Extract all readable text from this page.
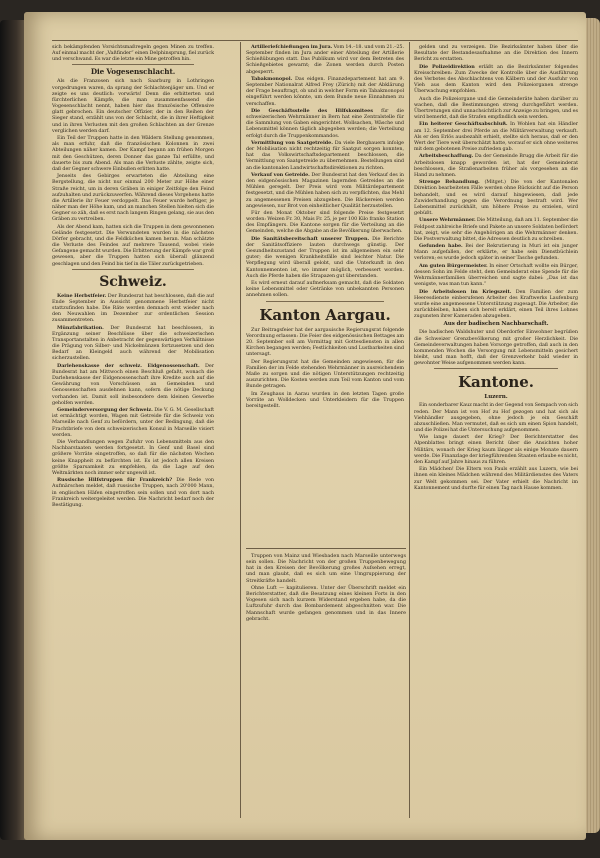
sich bekämpfenden Vorsichtsmaßregeln gegen Minen zu treffen. Auf einmal macht der „Vaßfinder“ einen Delphinsprung, fiel zurück und verschwand. Es war die letzte ein Mine getroffen hin.

Die Vogesenschlacht.

Als die Franzosen sich nach Saarburg in Lothringen vorgedrungen waren, da sprang der Schlachtenjäger um. Und er zeigte es uns deutlich: vorwärts! Denn die erbitterten und fürchterlichen Kämpfe, die man zusammenfassend die Vogesenschlacht nennt, haben hier das französische Offensive glatt gebrochen. Ein deutscher Offizier, der in den Reihen der Sieger stand, erzählt uns von der Schlacht, die in ihrer Heftigkeit und in ihren Verlusten mit den großen Schlachten an der Grenze verglichen werden darf.

Ein Teil der Truppen hatte in den Wäldern Stellung genommen, als man erfuhr, daß die französischen Kolonnen in zwei Abteilungen näher kamen. Der Kampf begann am frühen Morgen mit den Geschützen, deren Donner das ganze Tal erfüllte, und dauerte bis zum Abend. Als man die Verluste zählte, zeigte sich, daß der Gegner schwere Einbußen erlitten hatte.

Jenseits des Gebirges erwarteten die Abteilung eine Bergstellung, die nicht nur einmal 200 Meter zur Höhe einer Straße reicht, um in deren Gräben in einiger Zeitfolge den Feind aufzuhalten und zurückzuwerfen. Während dieses Vorgehens hatte die Artillerie ihr Feuer verdoppelt. Das Feuer wurde heftiger, je näher man der Höhe kam, und an manchen Stellen hielten sich die Gegner so zäh, daß es erst nach langem Ringen gelang, sie aus den Gräben zu vertreiben.

Als der Abend kam, hatten sich die Truppen in dem gewonnenen Gelände festgesetzt. Die Verwundeten wurden in die nächsten Dörfer gebracht, und die Feldküchen kamen heran. Man schätzte die Verluste des Feindes auf mehrere Tausend, wobei viele Gefangene gemacht wurden. Die Erbitterung der Kämpfe war groß gewesen, aber die Truppen hatten sich überall glänzend geschlagen und den Feind bis tief in die Täler zurückgetrieben.

Schweiz.

Keine Herbstfeier. Der Bundesrat hat beschlossen, daß die auf Ende September in Aussicht genommene Herbstfeier nicht stattzufinden habe. Die Räte werden demnach erst wieder nach den Neuwahlen im Dezember zur ordentlichen Session zusammentreten.

Münzfabrikation. Der Bundesrat hat beschlossen, in Ergänzung seiner Beschlüsse über die schweizerischen Transportanstalten in Anbetracht der gegenwärtigen Verhältnisse die Prägung von Silber- und Nickelmünzen fortzusetzen und den Bedarf an Kleingeld auch während der Mobilisation sicherzustellen.

Darlehenskasse der schweiz. Eidgenossenschaft. Der Bundesrat hat am Mittwoch einen Beschluß gefaßt, wonach die Darlehenskasse der Eidgenossenschaft ihre Kredite auch auf die Gewährung von Vorschüssen an Gemeinden und Genossenschaften ausdehnen kann, sofern die nötige Deckung vorhanden ist. Damit soll insbesondere dem kleinen Gewerbe geholfen werden.

Gemeinderversorgung der Schweiz. Die V. G. M. Gesellschaft ist ermächtigt worden, Wagen mit Getreide für die Schweiz von Marseille nach Genf zu befördern, unter der Bedingung, daß die Frachtbriefe von dem schweizerischen Konsul in Marseille visiert werden.

Die Verhandlungen wegen Zufuhr von Lebensmitteln aus den Nachbarstaaten werden fortgesetzt. In Genf und Basel sind größere Vorräte eingetroffen, so daß für die nächsten Wochen keine Knappheit zu befürchten ist. Es ist jedoch allen Kreisen größte Sparsamkeit zu empfehlen, da die Lage auf den Weltmärkten noch immer sehr ungewiß ist.

Russische Hilfstruppen für Frankreich? Die Rede von Aufmärschen meldet, daß russische Truppen, nach 20'000 Mann, in englischen Häfen eingetroffen sein sollen und von dort nach Frankreich weitergeleitet werden. Die Nachricht bedarf noch der Bestätigung.

Artilleriefchießungen im Jura. Vom 14.–18. und vom 21.–25. September finden im Jura ander einer Abteilung der Artillerie Schießübungen statt. Das Publikum wird vor dem Betreten des Schießgebietes gewarnt; die Zonen werden durch Posten abgesperrt.

Tabakmonopol. Das eidgen. Finanzdepartement hat am 9. September Nationalrat Alfred Frey (Zürich) mit der Abklärung der Frage beauftragt, ob und in welcher Form ein Tabakmonopol eingeführt werden könnte, um dem Bunde neue Einnahmen zu verschaffen.

Die Geschäftsstelle des Hilfskomitees für die schweizerischen Wehrmänner in Bern hat eine Zentralstelle für die Sammlung von Gaben eingerichtet. Wollsachen, Wäsche und Lebensmittel können täglich abgegeben werden; die Verteilung erfolgt durch die Truppenkommandos.

Vermittlung von Saatgetreide. Da viele Bergbauern infolge der Mobilisation nicht rechtzeitig für Saatgut sorgen konnten, hat das Volkswirtschaftsdepartement beschlossen, die Vermittlung von Saatgetreide zu übernehmen. Bestellungen sind an die kantonalen Landwirtschaftsdirektionen zu richten.

Verkauf von Getreide. Der Bundesrat hat den Verkauf des in den eidgenössischen Magazinen lagernden Getreides an die Mühlen geregelt. Der Preis wird vom Militärdepartement festgesetzt, und die Mühlen haben sich zu verpflichten, das Mehl zu angemessenen Preisen abzugeben. Die Bäckereien werden angewiesen, nur Brot von einheitlicher Qualität herzustellen.

Für den Monat Oktober sind folgende Preise festgesetzt worden: Weizen Fr. 30, Mais Fr. 25, je per 100 Kilo franko Station des Empfängers. Die Kantone sorgen für die Verteilung an die Gemeinden, welche die Abgabe an die Bevölkerung überwachen.

Die Sanitätsbereitschaft unserer Truppen. Die Berichte der Sanitätsoffiziere lauten durchwegs günstig. Der Gesundheitszustand der Truppen ist im allgemeinen ein sehr guter; die wenigen Krankheitsfälle sind leichter Natur. Die Verpflegung wird überall gelobt, und die Unterkunft in den Kantonnementen ist, wo immer möglich, verbessert worden. Auch die Pferde haben die Strapazen gut überstanden.

Es wird erneut darauf aufmerksam gemacht, daß die Soldaten keine Lebensmittel oder Getränke von unbekannten Personen annehmen sollen.

Kanton Aargau.

Zur Beitragsfeier hat der aargauische Regierungsrat folgende Verordnung erlassen: Die Feier des eidgenössischen Bettages am 20. September soll am Vormittag mit Gottesdiensten in allen Kirchen begangen werden; Festlichkeiten und Lustbarkeiten sind untersagt.

Der Regierungsrat hat die Gemeinden angewiesen, für die Familien der im Felde stehenden Wehrmänner in ausreichendem Maße zu sorgen und die nötigen Unterstützungen rechtzeitig auszurichten. Die Kosten werden zum Teil vom Kanton und vom Bunde getragen.

Im Zeughaus in Aarau wurden in den letzten Tagen große Vorräte an Wolldecken und Unterkleidern für die Truppen bereitgestellt.

Truppen von Mainz und Wiesbaden nach Marseille unterwegs sein sollen. Die Nachricht von der großen Truppenbewegung hat in den Kreisen der Bevölkerung großes Aufsehen erregt, und man glaubt, daß es sich um eine Umgruppierung der Streitkräfte handelt.

Ohne Luft — kapitulieren. Unter der Überschrift meldet ein Berichterstatter, daß die Besatzung eines kleinen Forts in den Vogesen sich nach kurzem Widerstand ergeben habe, da die Luftzufuhr durch das Bombardement abgeschnitten war. Die Mannschaft wurde gefangen genommen und in das Innere gebracht.

gelden und zu verzeigen. Die Bezirksämter haben über die Resultate der Bestandesaufnahme an die Direktion des Innern Bericht zu erstatten.

Die Polizeidirektion erläßt an die Bezirksämter folgendes Kreisschreiben: Zum Zwecke der Kontrolle über die Ausführung des Verbotes des Abschlachtens von Kälbern und der Ausfuhr von Vieh aus dem Kanton wird den Polizeiorganen strenge Überwachung empfohlen.

Auch die Polizeiorgane und die Gemeinderäte haben darüber zu wachen, daß die Bestimmungen streng durchgeführt werden. Übertretungen sind unnachsichtlich zur Anzeige zu bringen, und es wird bemerkt, daß die Strafen empfindlich sein werden.

Ein heiterer Geschäftsabschluß. In Wohlen hat ein Händler am 12. September drei Pferde an die Militärverwaltung verkauft. Als er den Erlös ausbezahlt erhielt, stellte sich heraus, daß er den Wert der Tiere weit überschätzt hatte, worauf er sich ohne weiteres mit dem gebotenen Preise zufrieden gab.

Arbeitsbeschaffung. Da der Gemeinde Brugg die Arbeit für die Arbeitslosen knapp geworden ist, hat der Gemeinderat beschlossen, die Straßenarbeiten früher als vorgesehen an die Hand zu nehmen.

Strenge Behandlung. (Mitget.) Die von der Kantonalen Direktion bearbeiteten Fälle werden ohne Rücksicht auf die Person behandelt, und es wird darauf hingewiesen, daß jede Zuwiderhandlung gegen die Verordnung bestraft wird. Wer Lebensmittel zurückhält, um höhere Preise zu erzielen, wird gebüßt.

Unsere Wehrmänner. Die Mitteilung, daß am 11. September die Feldpost zahlreiche Briefe und Pakete an unsere Soldaten befördert hat, zeigt, wie sehr die Angehörigen an die Wehrmänner denken. Die Postverwaltung bittet, die Adressen deutlich zu schreiben.

Gefunden habe. Bei der Rekrutierung in Muri ist ein junger Mann aufgefallen, der erklärte, er habe sein Dienstbüchlein verloren; es wurde jedoch später in seiner Tasche gefunden.

Am guten Bürgermeister. In einer Ortschaft wollte ein Bürger, dessen Sohn im Felde steht, dem Gemeinderat eine Spende für die Wehrmännerfamilien überreichen und sagte dabei: „Das ist das wenigste, was man tun kann.“

Die Arbeitslosen im Kriegszeit. Den Familien der zum Heeresdienste einberufenen Arbeiter des Kraftwerks Laufenburg wurde eine angemessene Unterstützung zugesagt. Die Arbeiter, die zurückbleiben, haben sich bereit erklärt, einen Teil ihres Lohnes zugunsten ihrer Kameraden abzugeben.

Aus der badischen Nachbarschaft.

Die badischen Waldshuter und Oberdorfer Einwohner begrüßen die Schweizer Grenzbevölkerung mit großer Herzlichkeit. Die Gemeindeverwaltungen haben Vorsorge getroffen, daß auch in den kommenden Wochen die Versorgung mit Lebensmitteln gesichert bleibt, und man hofft, daß der Grenzverkehr bald wieder in gewohnter Weise aufgenommen werden kann.

Kantone.
Luzern.

Ein sonderbarer Kauz macht in der Gegend von Sempach von sich reden. Der Mann ist von Hof zu Hof gezogen und hat sich als Viehhändler ausgegeben, ohne jedoch je ein Geschäft abzuschließen. Man vermutet, daß es sich um einen Spion handelt, und die Polizei hat die Untersuchung aufgenommen.

Wie lange dauert der Krieg? Der Berichterstatter des Alpenblattes bringt einen Bericht über die Ansichten hoher Militärs, wonach der Krieg kaum länger als einige Monate dauern werde. Die Finanzlage der kriegführenden Staaten erlaube es nicht, den Kampf auf Jahre hinaus zu führen.

Ein Mädchen! Die Eltern von Pauls erzählt aus Luzern, wie bei ihnen ein kleines Mädchen während des Militärdienstes des Vaters zur Welt gekommen sei. Der Vater erhielt die Nachricht im Kantonnement und durfte für einen Tag nach Hause kommen.
